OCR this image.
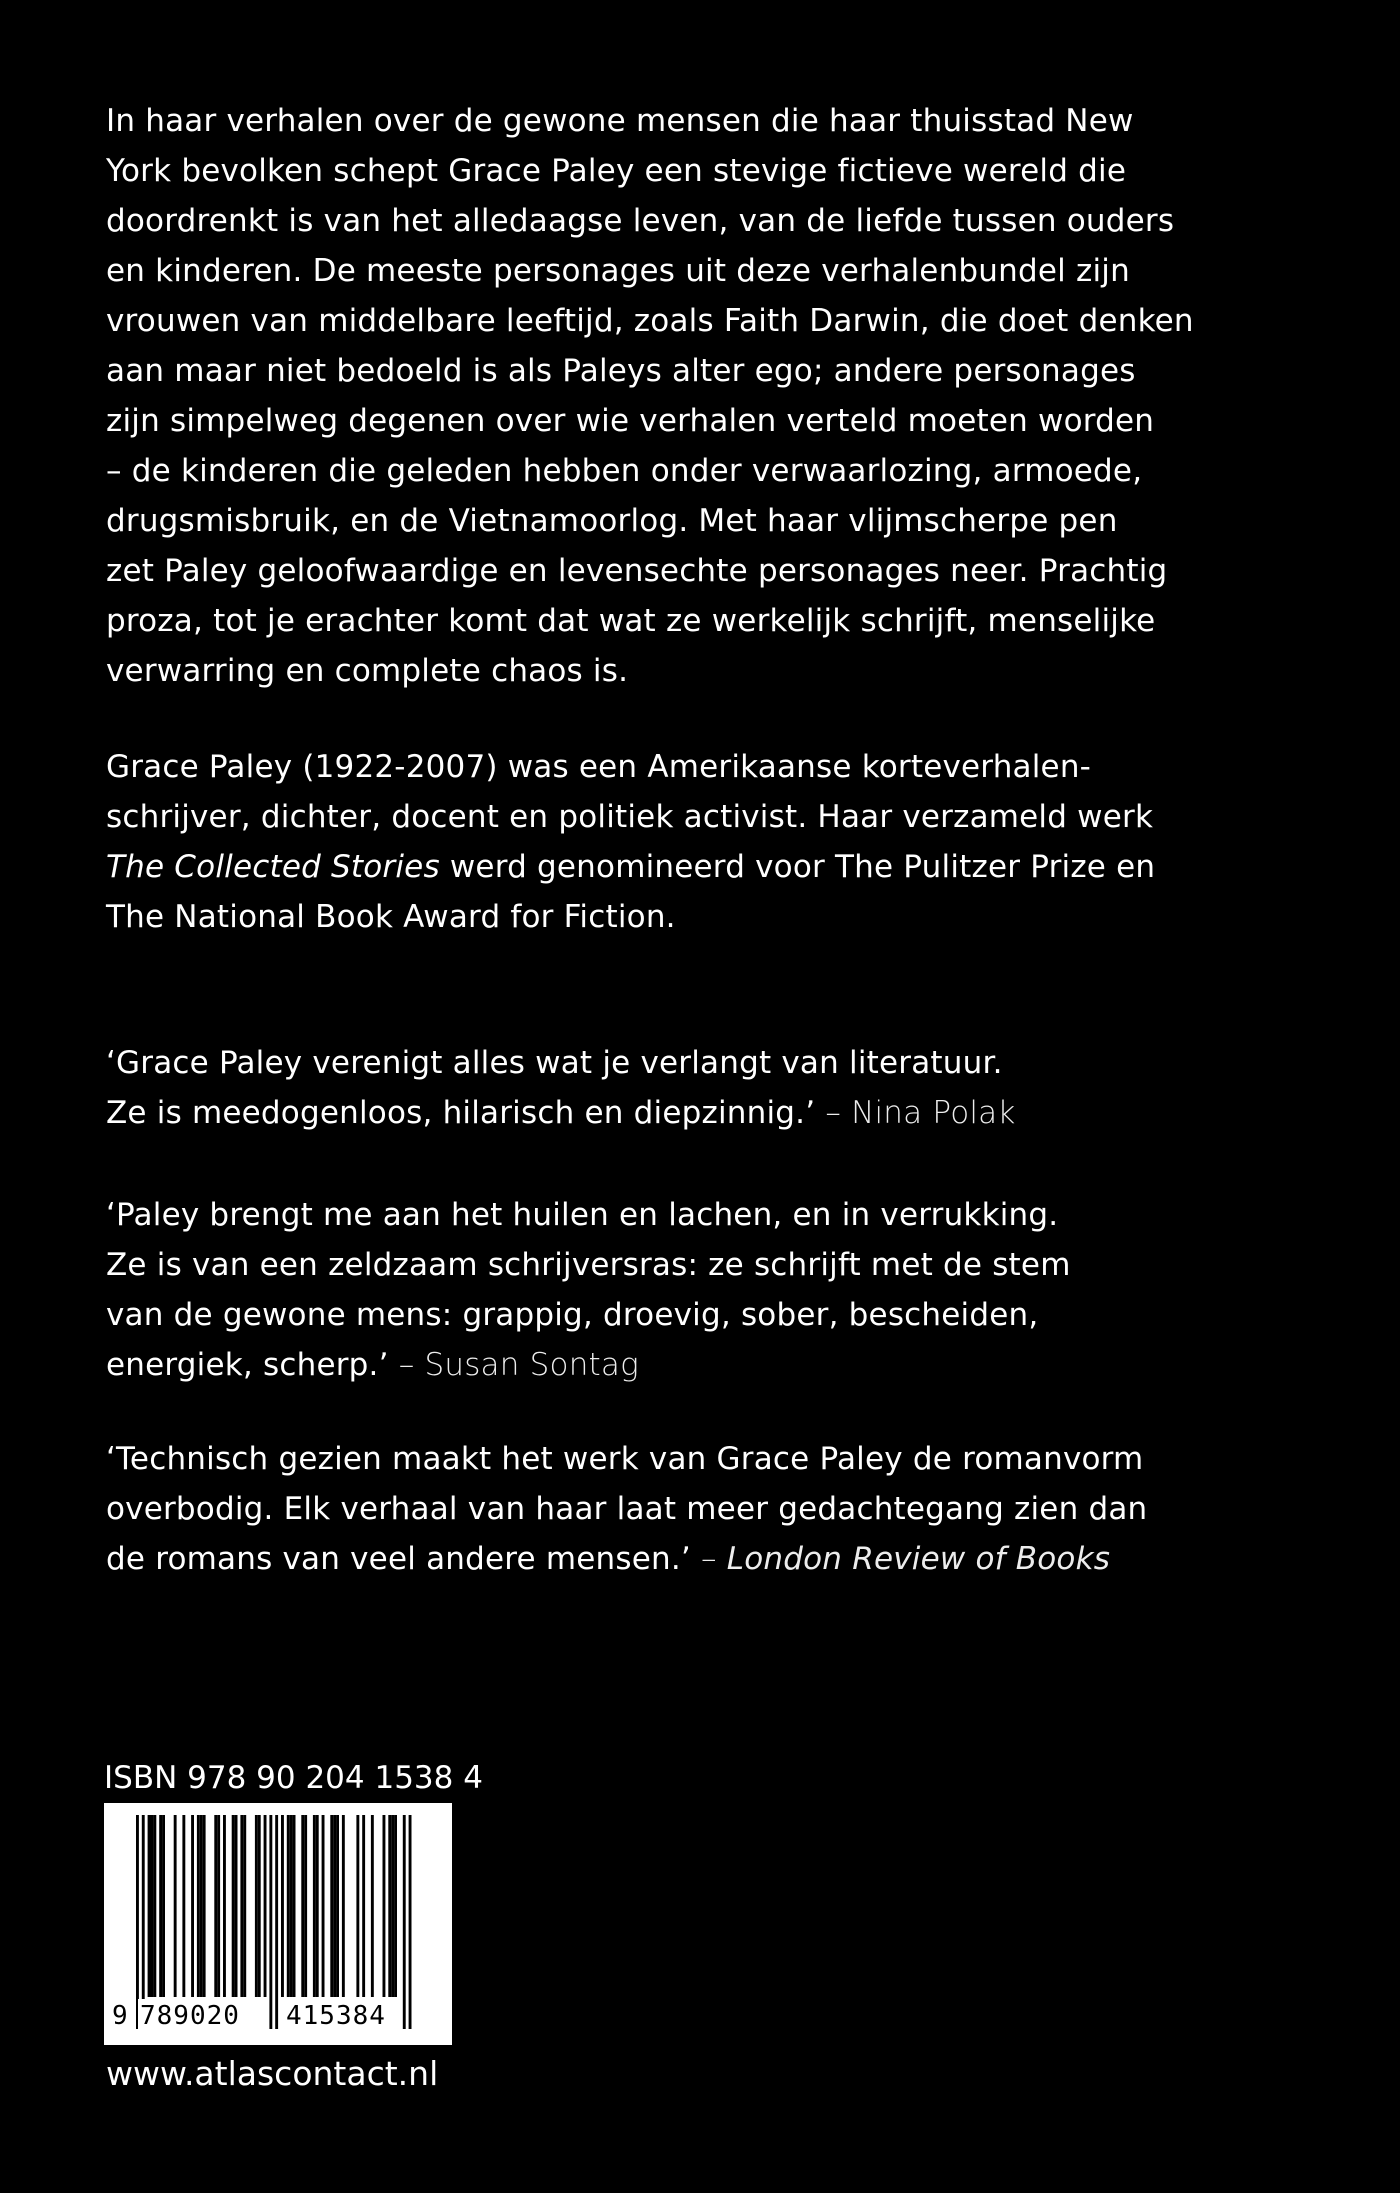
In haar verhalen over de gewone mensen die haar thuisstad New
York bevolken schept Grace Paley een stevige fictieve wereld die
doordrenkt is van het alledaagse leven, van de liefde tussen ouders
en kinderen. De meeste personages uit deze verhalenbundel zijn
vrouwen van middelbare leeftijd, zoals Faith Darwin, die doet denken
aan maar niet bedoeld is als Paleys alter ego; andere personages
zijn simpelweg degenen over wie verhalen verteld moeten worden
– de kinderen die geleden hebben onder verwaarlozing, armoede,
drugsmisbruik, en de Vietnamoorlog. Met haar vlijmscherpe pen
zet Paley geloofwaardige en levensechte personages neer. Prachtig
proza, tot je erachter komt dat wat ze werkelijk schrijft, menselijke
verwarring en complete chaos is.
Grace Paley (1922-2007) was een Amerikaanse korteverhalen-
schrijver, dichter, docent en politiek activist. Haar verzameld werk
The Collected Stories werd genomineerd voor The Pulitzer Prize en
The National Book Award for Fiction.
‘Grace Paley verenigt alles wat je verlangt van literatuur.
Ze is meedogenloos, hilarisch en diepzinnig.’ – Nina Polak
‘Paley brengt me aan het huilen en lachen, en in verrukking.
Ze is van een zeldzaam schrijversras: ze schrijft met de stem
van de gewone mens: grappig, droevig, sober, bescheiden,
energiek, scherp.’ – Susan Sontag
‘Technisch gezien maakt het werk van Grace Paley de romanvorm
overbodig. Elk verhaal van haar laat meer gedachtegang zien dan
de romans van veel andere mensen.’ – London Review of Books
ISBN 978 90 204 1538 4
9 789020 415384
www.atlascontact.nl
